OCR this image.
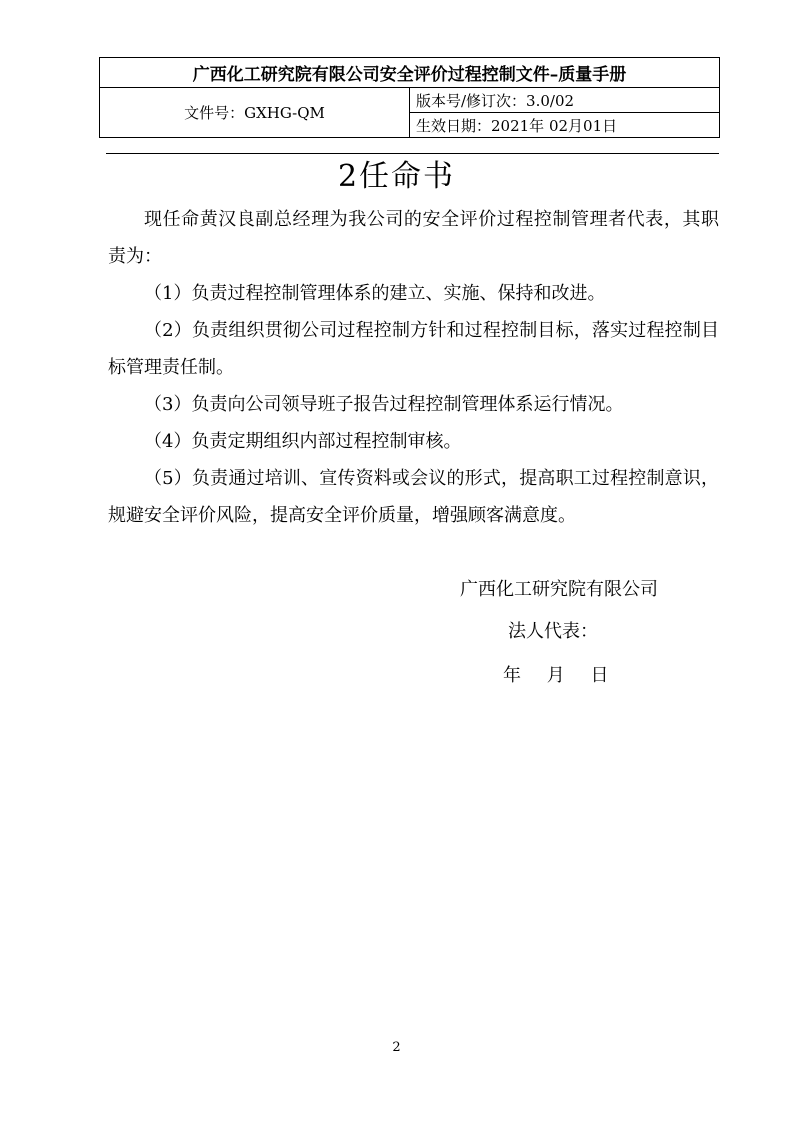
广西化工研究院有限公司安全评价过程控制文件–质量手册
文件号：GXHG-QM	版本号/修订次：3.0/02
生效日期：2021年 02月01日
2任命书

现任命黄汉良副总经理为我公司的安全评价过程控制管理者代表，其职责为：

（1）负责过程控制管理体系的建立、实施、保持和改进。

（2）负责组织贯彻公司过程控制方针和过程控制目标，落实过程控制目标管理责任制。

（3）负责向公司领导班子报告过程控制管理体系运行情况。

（4）负责定期组织内部过程控制审核。

（5）负责通过培训、宣传资料或会议的形式，提高职工过程控制意识，规避安全评价风险，提高安全评价质量，增强顾客满意度。

广西化工研究院有限公司
法人代表：
年 月 日
2
